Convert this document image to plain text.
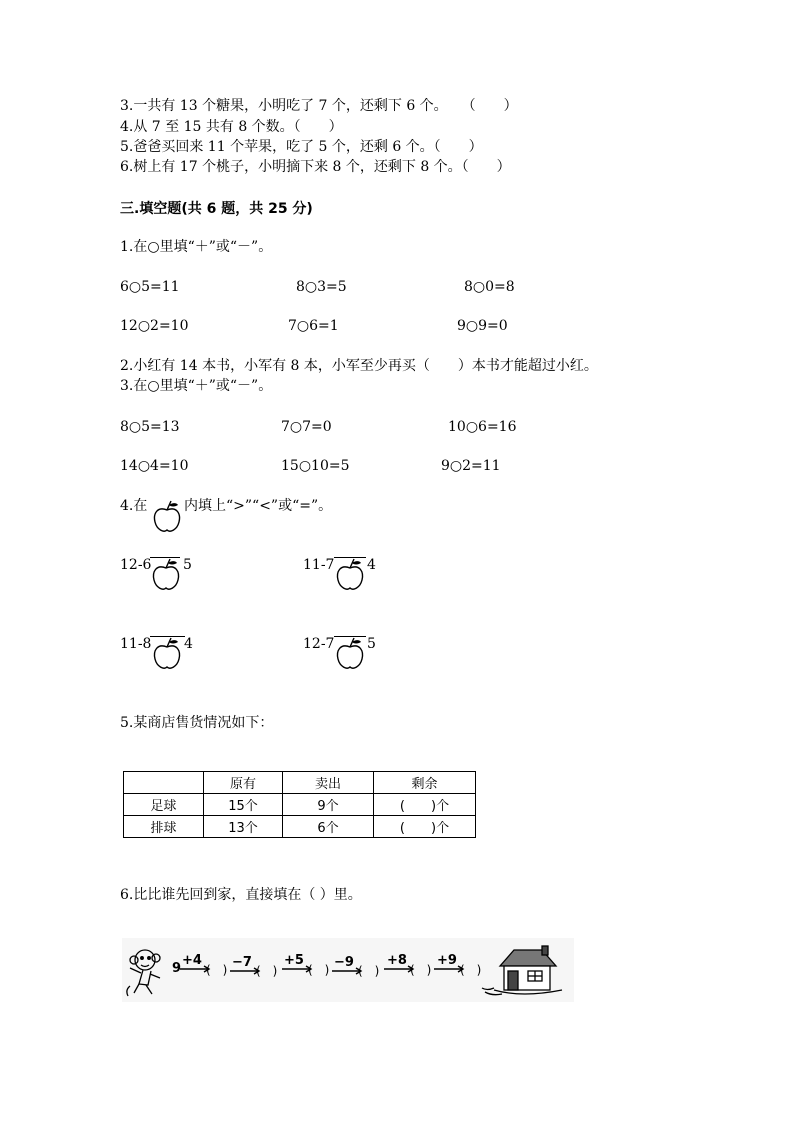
3.一共有 13 个糖果，小明吃了 7 个，还剩下 6 个。　　（　　）
4.从 7 至 15 共有 8 个数。（　　）
5.爸爸买回来 11 个苹果，吃了 5 个，还剩 6 个。（　　）
6.树上有 17 个桃子，小明摘下来 8 个，还剩下 8 个。（　　）
三.填空题(共 6 题，共 25 分)
1.在○里填“＋”或“－”。
6○5=11	8○3=5	8○0=8
12○2=10	7○6=1	9○9=0
2.小红有 14 本书，小军有 8 本，小军至少再买（　　）本书才能超过小红。
3.在○里填“＋”或“－”。
8○5=13	7○7=0	10○6=16
14○4=10	15○10=5	9○2=11
4.在	内填上“>”“<”或“=”。
12-6 5	11-7 4
11-8 4	12-7 5
5.某商店售货情况如下：
	原有	卖出	剩余
足球	15个	9个	(　　)个
排球	13个	6个	(　　)个
6.比比谁先回到家，直接填在（ ）里。
9
+4 −7 +5 −9	+8 +9
(　) (　)	(　) (　)	(　) (　)
